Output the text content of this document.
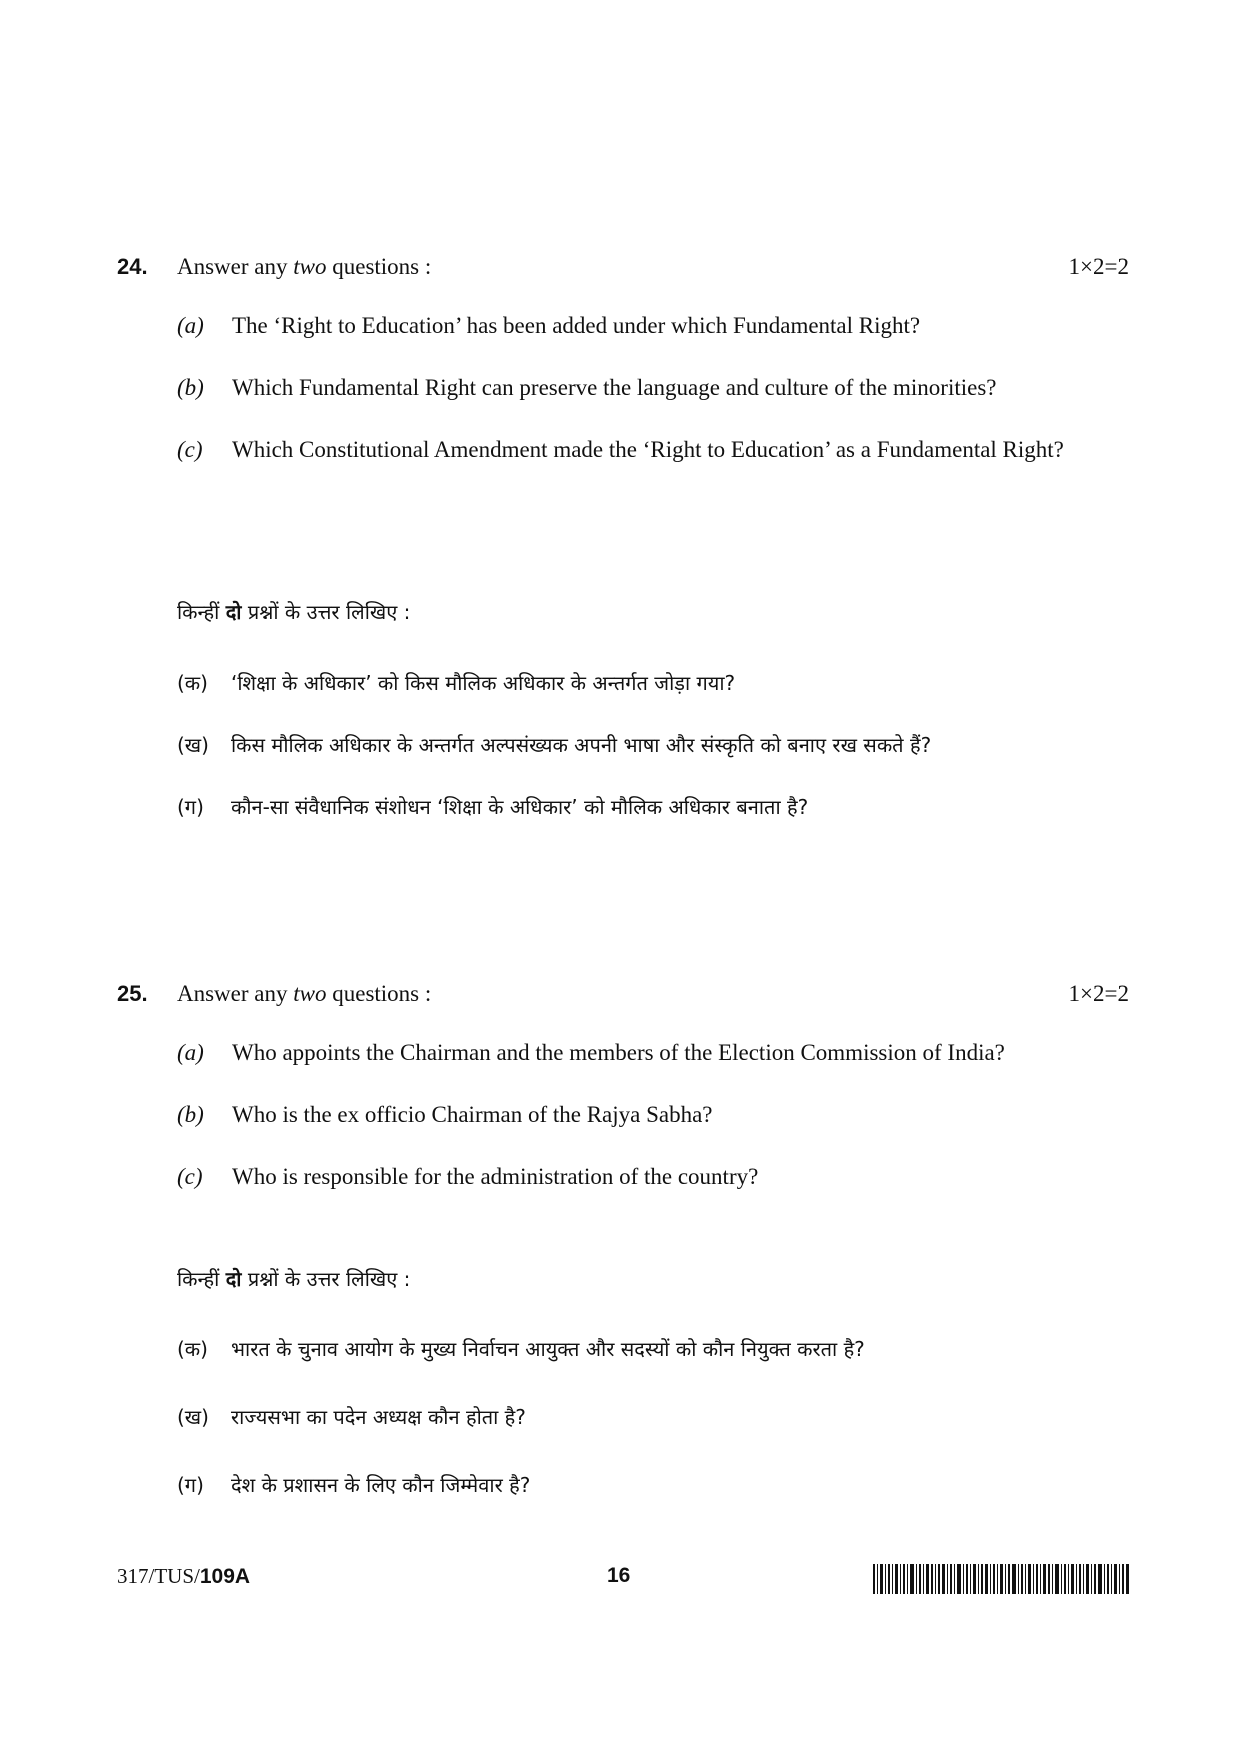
24. Answer any two questions :	1×2=2
(a) The ‘Right to Education’ has been added under which Fundamental Right?
(b) Which Fundamental Right can preserve the language and culture of the minorities?
(c) Which Constitutional Amendment made the ‘Right to Education’ as a Fundamental Right?
किन्हीं दो प्रश्नों के उत्तर लिखिए :
(क) ‘शिक्षा के अधिकार’ को किस मौलिक अधिकार के अन्तर्गत जोड़ा गया?
(ख) किस मौलिक अधिकार के अन्तर्गत अल्पसंख्यक अपनी भाषा और संस्कृति को बनाए रख सकते हैं?
(ग) कौन-सा संवैधानिक संशोधन ‘शिक्षा के अधिकार’ को मौलिक अधिकार बनाता है?
25. Answer any two questions :	1×2=2
(a) Who appoints the Chairman and the members of the Election Commission of India?
(b) Who is the ex officio Chairman of the Rajya Sabha?
(c) Who is responsible for the administration of the country?
किन्हीं दो प्रश्नों के उत्तर लिखिए :
(क) भारत के चुनाव आयोग के मुख्य निर्वाचन आयुक्त और सदस्यों को कौन नियुक्त करता है?
(ख) राज्यसभा का पदेन अध्यक्ष कौन होता है?
(ग) देश के प्रशासन के लिए कौन जिम्मेवार है?
317/TUS/109A	16
